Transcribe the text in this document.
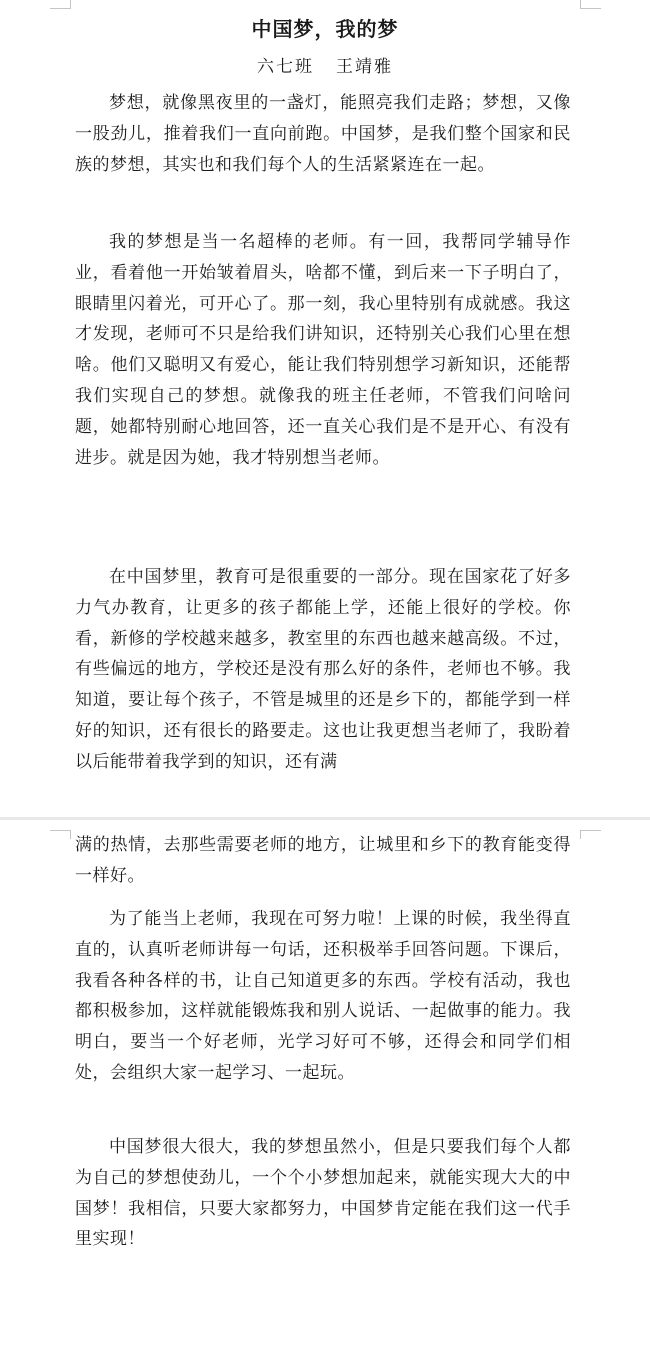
中国梦，我的梦
六七班 王靖雅

梦想，就像黑夜里的一盏灯，能照亮我们走路；梦想，又像一股劲儿，推着我们一直向前跑。中国梦，是我们整个国家和民族的梦想，其实也和我们每个人的生活紧紧连在一起。

我的梦想是当一名超棒的老师。有一回，我帮同学辅导作业，看着他一开始皱着眉头，啥都不懂，到后来一下子明白了，眼睛里闪着光，可开心了。那一刻，我心里特别有成就感。我这才发现，老师可不只是给我们讲知识，还特别关心我们心里在想啥。他们又聪明又有爱心，能让我们特别想学习新知识，还能帮我们实现自己的梦想。就像我的班主任老师，不管我们问啥问题，她都特别耐心地回答，还一直关心我们是不是开心、有没有进步。就是因为她，我才特别想当老师。

在中国梦里，教育可是很重要的一部分。现在国家花了好多力气办教育，让更多的孩子都能上学，还能上很好的学校。你看，新修的学校越来越多，教室里的东西也越来越高级。不过，有些偏远的地方，学校还是没有那么好的条件，老师也不够。我知道，要让每个孩子，不管是城里的还是乡下的，都能学到一样好的知识，还有很长的路要走。这也让我更想当老师了，我盼着以后能带着我学到的知识，还有满

满的热情，去那些需要老师的地方，让城里和乡下的教育能变得一样好。

为了能当上老师，我现在可努力啦！上课的时候，我坐得直直的，认真听老师讲每一句话，还积极举手回答问题。下课后，我看各种各样的书，让自己知道更多的东西。学校有活动，我也都积极参加，这样就能锻炼我和别人说话、一起做事的能力。我明白，要当一个好老师，光学习好可不够，还得会和同学们相处，会组织大家一起学习、一起玩。

中国梦很大很大，我的梦想虽然小，但是只要我们每个人都为自己的梦想使劲儿，一个个小梦想加起来，就能实现大大的中国梦！我相信，只要大家都努力，中国梦肯定能在我们这一代手里实现！
